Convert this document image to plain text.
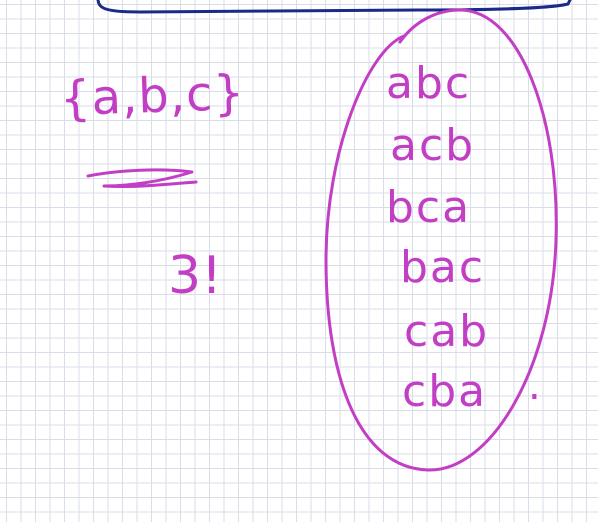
{a,b,c}
3!
abc
acb
bca
bac
cab
cba .
